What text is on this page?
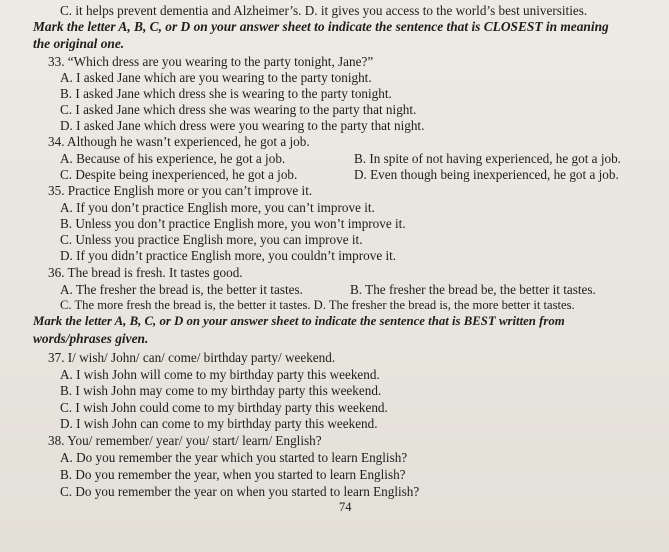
C. it helps prevent dementia and Alzheimer’s. D. it gives you access to the world’s best universities.
Mark the letter A, B, C, or D on your answer sheet to indicate the sentence that is CLOSEST in meaning
the original one.
33. “Which dress are you wearing to the party tonight, Jane?”
A. I asked Jane which are you wearing to the party tonight.
B. I asked Jane which dress she is wearing to the party tonight.
C. I asked Jane which dress she was wearing to the party that night.
D. I asked Jane which dress were you wearing to the party that night.
34. Although he wasn’t experienced, he got a job.
A. Because of his experience, he got a job.	B. In spite of not having experienced, he got a job.
C. Despite being inexperienced, he got a job.	D. Even though being inexperienced, he got a job.
35. Practice English more or you can’t improve it.
A. If you don’t practice English more, you can’t improve it.
B. Unless you don’t practice English more, you won’t improve it.
C. Unless you practice English more, you can improve it.
D. If you didn’t practice English more, you couldn’t improve it.
36. The bread is fresh. It tastes good.
A. The fresher the bread is, the better it tastes.	B. The fresher the bread be, the better it tastes.
C. The more fresh the bread is, the better it tastes. D. The fresher the bread is, the more better it tastes.
Mark the letter A, B, C, or D on your answer sheet to indicate the sentence that is BEST written from
words/phrases given.
37. I/ wish/ John/ can/ come/ birthday party/ weekend.
A. I wish John will come to my birthday party this weekend.
B. I wish John may come to my birthday party this weekend.
C. I wish John could come to my birthday party this weekend.
D. I wish John can come to my birthday party this weekend.
38. You/ remember/ year/ you/ start/ learn/ English?
A. Do you remember the year which you started to learn English?
B. Do you remember the year, when you started to learn English?
C. Do you remember the year on when you started to learn English?
74
